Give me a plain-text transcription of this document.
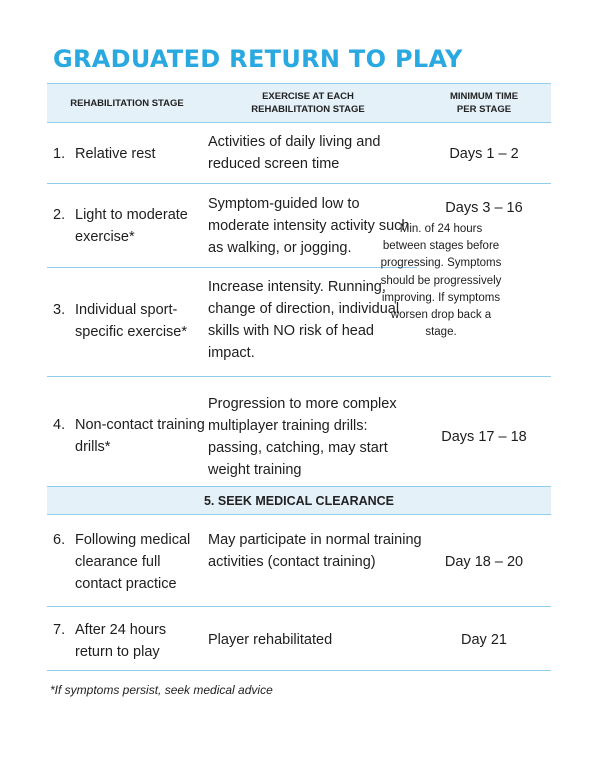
GRADUATED RETURN TO PLAY
REHABILITATION STAGE
EXERCISE AT EACH
REHABILITATION STAGE
MINIMUM TIME
PER STAGE
1. Relative rest
Activities of daily living and reduced screen time
Days 1 – 2
2. Light to moderate exercise*
Symptom-guided low to moderate intensity activity such as walking, or jogging.
Days 3 – 16
3. Individual sport-specific exercise*
Increase intensity. Running, change of direction, individual skills with NO risk of head impact.
Min. of 24 hours between stages before progressing. Symptoms should be progressively improving. If symptoms worsen drop back a stage.
4. Non-contact training drills*
Progression to more complex multiplayer training drills: passing, catching, may start weight training
Days 17 – 18
5. SEEK MEDICAL CLEARANCE
6. Following medical clearance full contact practice
May participate in normal training activities (contact training)	Day 18 – 20
7. After 24 hours return to play
Player rehabilitated	Day 21
*If symptoms persist, seek medical advice
